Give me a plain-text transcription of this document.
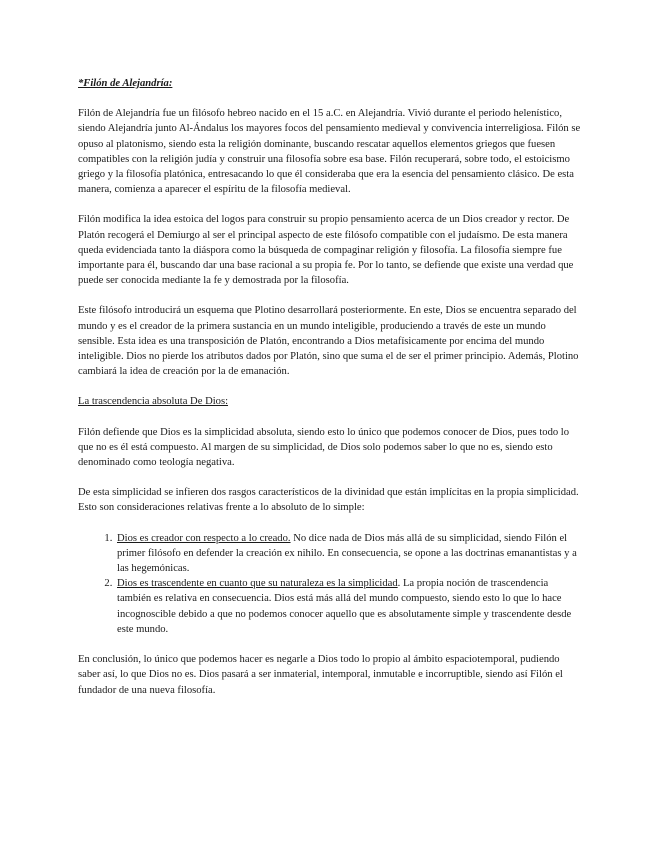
*Filón de Alejandría:

Filón de Alejandría fue un filósofo hebreo nacido en el 15 a.C. en Alejandría. Vivió durante el periodo helenístico, siendo Alejandría junto Al-Ándalus los mayores focos del pensamiento medieval y convivencia interreligiosa. Filón se opuso al platonismo, siendo esta la religión dominante, buscando rescatar aquellos elementos griegos que fuesen compatibles con la religión judía y construir una filosofía sobre esa base. Filón recuperará, sobre todo, el estoicismo griego y la filosofía platónica, entresacando lo que él consideraba que era la esencia del pensamiento clásico. De esta manera, comienza a aparecer el espíritu de la filosofía medieval.

Filón modifica la idea estoica del logos para construir su propio pensamiento acerca de un Dios creador y rector. De Platón recogerá el Demiurgo al ser el principal aspecto de este filósofo compatible con el judaísmo. De esta manera queda evidenciada tanto la diáspora como la búsqueda de compaginar religión y filosofía. La filosofía siempre fue importante para él, buscando dar una base racional a su propia fe. Por lo tanto, se defiende que existe una verdad que puede ser conocida mediante la fe y demostrada por la filosofía.

Este filósofo introducirá un esquema que Plotino desarrollará posteriormente. En este, Dios se encuentra separado del mundo y es el creador de la primera sustancia en un mundo inteligible, produciendo a través de este un mundo sensible. Esta idea es una transposición de Platón, encontrando a Dios metafísicamente por encima del mundo inteligible. Dios no pierde los atributos dados por Platón, sino que suma el de ser el primer principio. Además, Plotino cambiará la idea de creación por la de emanación.

La trascendencia absoluta De Dios:

Filón defiende que Dios es la simplicidad absoluta, siendo esto lo único que podemos conocer de Dios, pues todo lo que no es él está compuesto. Al margen de su simplicidad, de Dios solo podemos saber lo que no es, siendo esto denominado como teología negativa.

De esta simplicidad se infieren dos rasgos característicos de la divinidad que están implícitas en la propia simplicidad. Esto son consideraciones relativas frente a lo absoluto de lo simple:

1. Dios es creador con respecto a lo creado. No dice nada de Dios más allá de su simplicidad, siendo Filón el primer filósofo en defender la creación ex nihilo. En consecuencia, se opone a las doctrinas emanantistas y a las hegemónicas.
2. Dios es trascendente en cuanto que su naturaleza es la simplicidad. La propia noción de trascendencia también es relativa en consecuencia. Dios está más allá del mundo compuesto, siendo esto lo que lo hace incognoscible debido a que no podemos conocer aquello que es absolutamente simple y trascendente desde este mundo.

En conclusión, lo único que podemos hacer es negarle a Dios todo lo propio al ámbito espaciotemporal, pudiendo saber así, lo que Dios no es. Dios pasará a ser inmaterial, intemporal, inmutable e incorruptible, siendo así Filón el fundador de una nueva filosofía.
